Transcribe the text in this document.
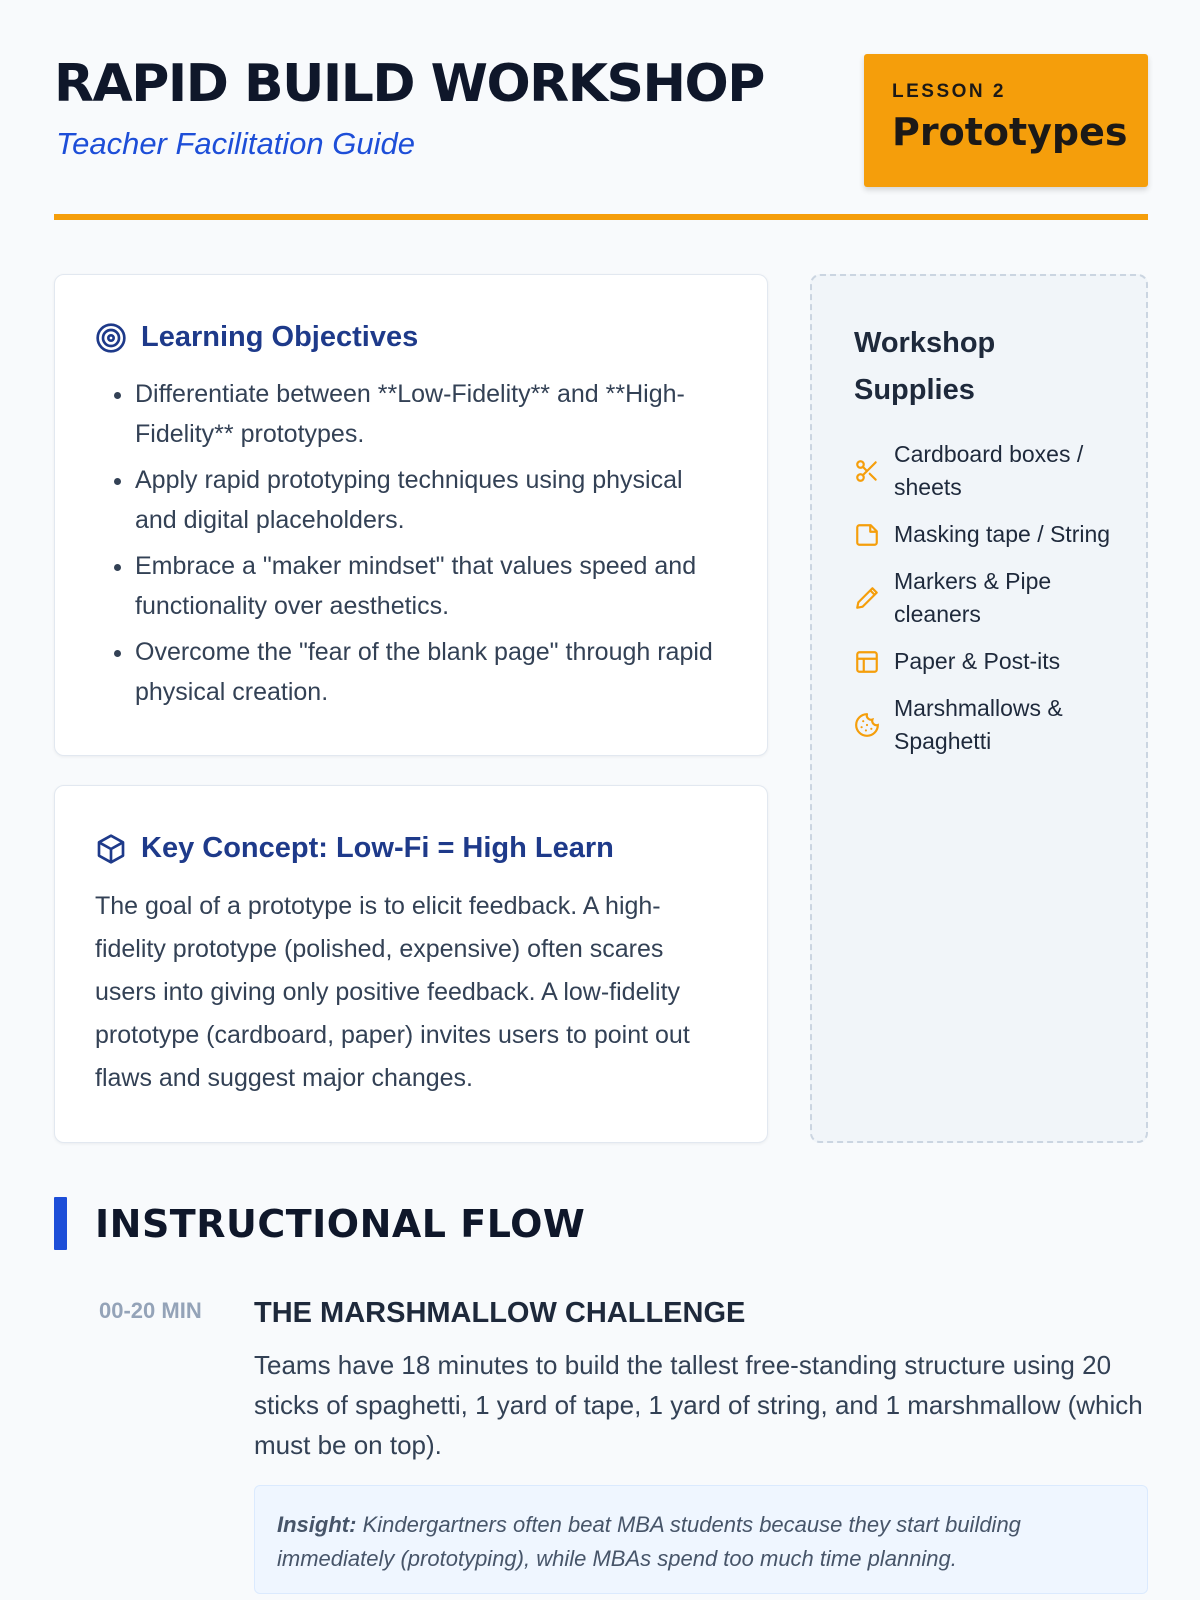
RAPID BUILD WORKSHOP
Teacher Facilitation Guide
LESSON 2
Prototypes
Learning Objectives
• Differentiate between **Low-Fidelity** and **High-Fidelity** prototypes.
• Apply rapid prototyping techniques using physical and digital placeholders.
• Embrace a "maker mindset" that values speed and functionality over aesthetics.
• Overcome the "fear of the blank page" through rapid physical creation.
Key Concept: Low-Fi = High Learn

The goal of a prototype is to elicit feedback. A high-fidelity prototype (polished, expensive) often scares users into giving only positive feedback. A low-fidelity prototype (cardboard, paper) invites users to point out flaws and suggest major changes.

Workshop Supplies
Cardboard boxes / sheets
Masking tape / String
Markers & Pipe cleaners
Paper & Post-its
Marshmallows & Spaghetti
INSTRUCTIONAL FLOW
00-20 MIN THE MARSHMALLOW CHALLENGE

Teams have 18 minutes to build the tallest free-standing structure using 20 sticks of spaghetti, 1 yard of tape, 1 yard of string, and 1 marshmallow (which must be on top).

Insight: Kindergartners often beat MBA students because they start building immediately (prototyping), while MBAs spend too much time planning.
